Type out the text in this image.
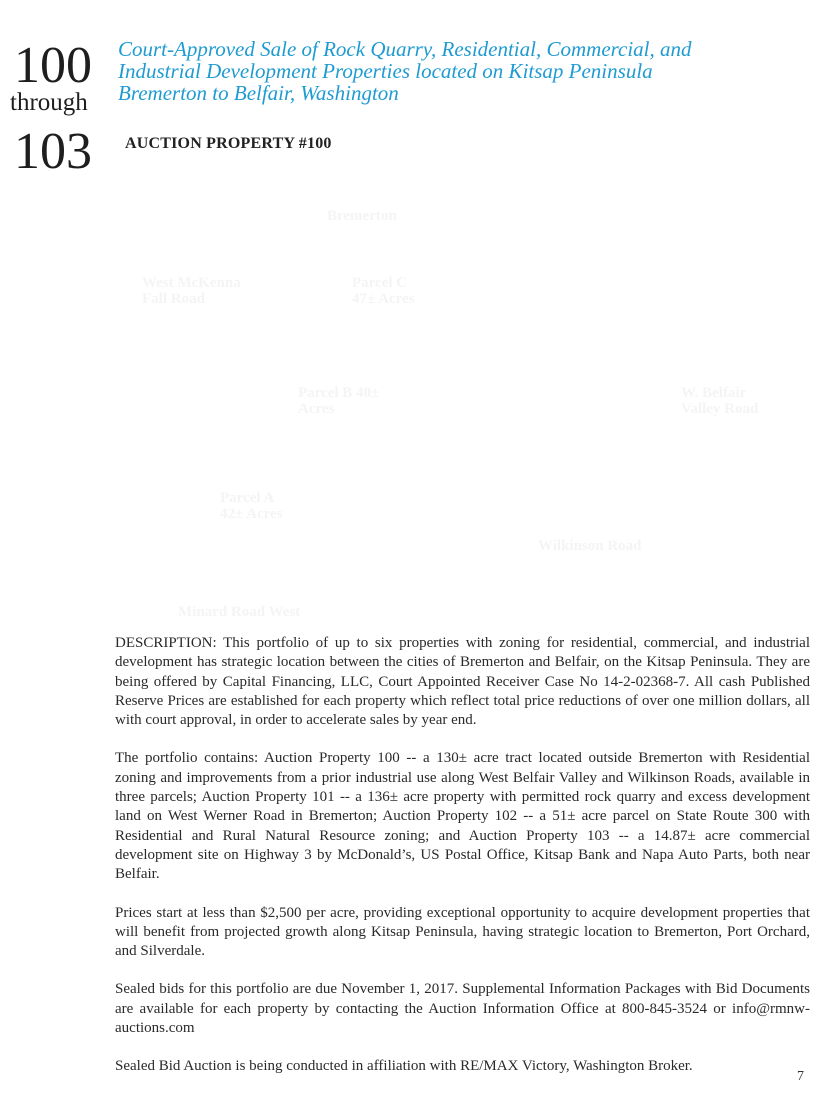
100
through
103
Court-Approved Sale of Rock Quarry, Residential, Commercial, and
Industrial Development Properties located on Kitsap Peninsula
Bremerton to Belfair, Washington
AUCTION PROPERTY #100
Bremerton
West McKenna
Fall Road
Parcel C
47± Acres
Parcel B 40±
Acres
W. Belfair
Valley Road
Parcel A
42± Acres
Wilkinson Road
Minard Road West

DESCRIPTION: This portfolio of up to six properties with zoning for residential, commercial, and industrial development has strategic location between the cities of Bremerton and Belfair, on the Kitsap Peninsula. They are being offered by Capital Financing, LLC, Court Appointed Receiver Case No 14-2-02368-7. All cash Published Reserve Prices are established for each property which reflect total price reductions of over one million dollars, all with court approval, in order to accelerate sales by year end.

The portfolio contains: Auction Property 100 -- a 130± acre tract located outside Bremerton with Residential zoning and improvements from a prior industrial use along West Belfair Valley and Wilkinson Roads, available in three parcels; Auction Property 101 -- a 136± acre property with permitted rock quarry and excess development land on West Werner Road in Bremerton; Auction Property 102 -- a 51± acre parcel on State Route 300 with Residential and Rural Natural Resource zoning; and Auction Property 103 -- a 14.87± acre commercial development site on Highway 3 by McDonald’s, US Postal Office, Kitsap Bank and Napa Auto Parts, both near Belfair.

Prices start at less than $2,500 per acre, providing exceptional opportunity to acquire development properties that will benefit from projected growth along Kitsap Peninsula, having strategic location to Bremerton, Port Orchard, and Silverdale.

Sealed bids for this portfolio are due November 1, 2017. Supplemental Information Packages with Bid Documents are available for each property by contacting the Auction Information Office at 800-845-3524 or info@rmnw-auctions.com

Sealed Bid Auction is being conducted in affiliation with RE/MAX Victory, Washington Broker.

7
